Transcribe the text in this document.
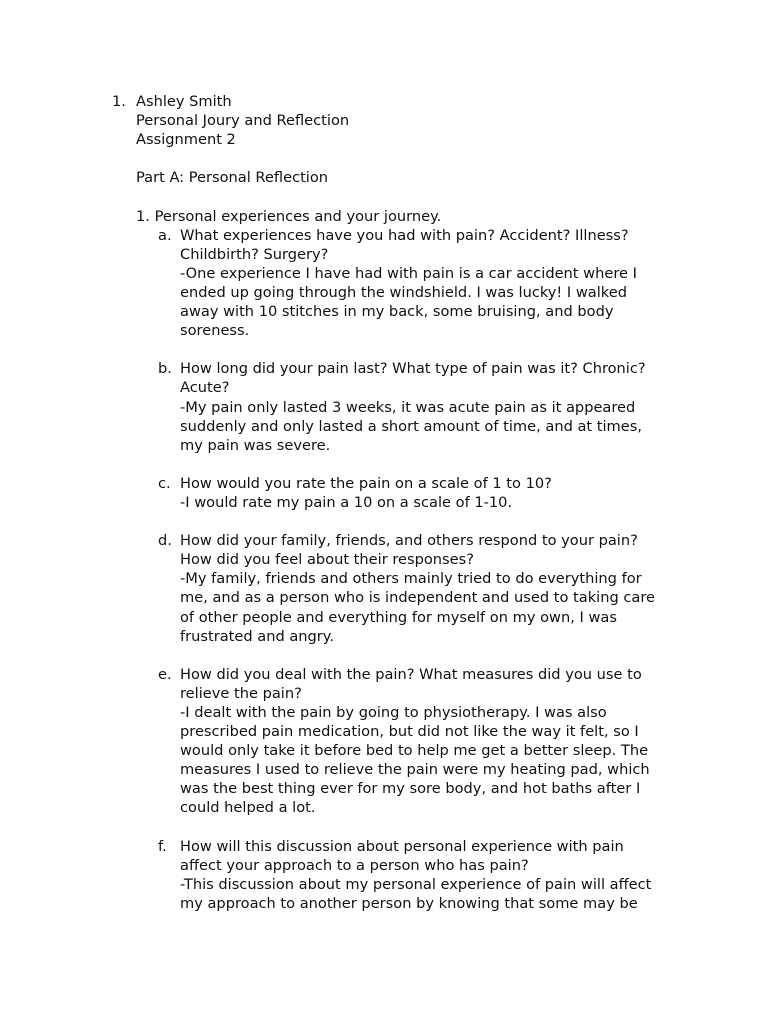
1. Ashley Smith
Personal Joury and Reflection
Assignment 2
Part A: Personal Reflection
1. Personal experiences and your journey.
a. What experiences have you had with pain? Accident? Illness?
Childbirth? Surgery?
-One experience I have had with pain is a car accident where I
ended up going through the windshield. I was lucky! I walked
away with 10 stitches in my back, some bruising, and body
soreness.
b. How long did your pain last? What type of pain was it? Chronic?
Acute?
-My pain only lasted 3 weeks, it was acute pain as it appeared
suddenly and only lasted a short amount of time, and at times,
my pain was severe.
c. How would you rate the pain on a scale of 1 to 10?
-I would rate my pain a 10 on a scale of 1-10.
d. How did your family, friends, and others respond to your pain?
How did you feel about their responses?
-My family, friends and others mainly tried to do everything for
me, and as a person who is independent and used to taking care
of other people and everything for myself on my own, I was
frustrated and angry.
e. How did you deal with the pain? What measures did you use to
relieve the pain?
-I dealt with the pain by going to physiotherapy. I was also
prescribed pain medication, but did not like the way it felt, so I
would only take it before bed to help me get a better sleep. The
measures I used to relieve the pain were my heating pad, which
was the best thing ever for my sore body, and hot baths after I
could helped a lot.
f. How will this discussion about personal experience with pain
affect your approach to a person who has pain?
-This discussion about my personal experience of pain will affect
my approach to another person by knowing that some may be
